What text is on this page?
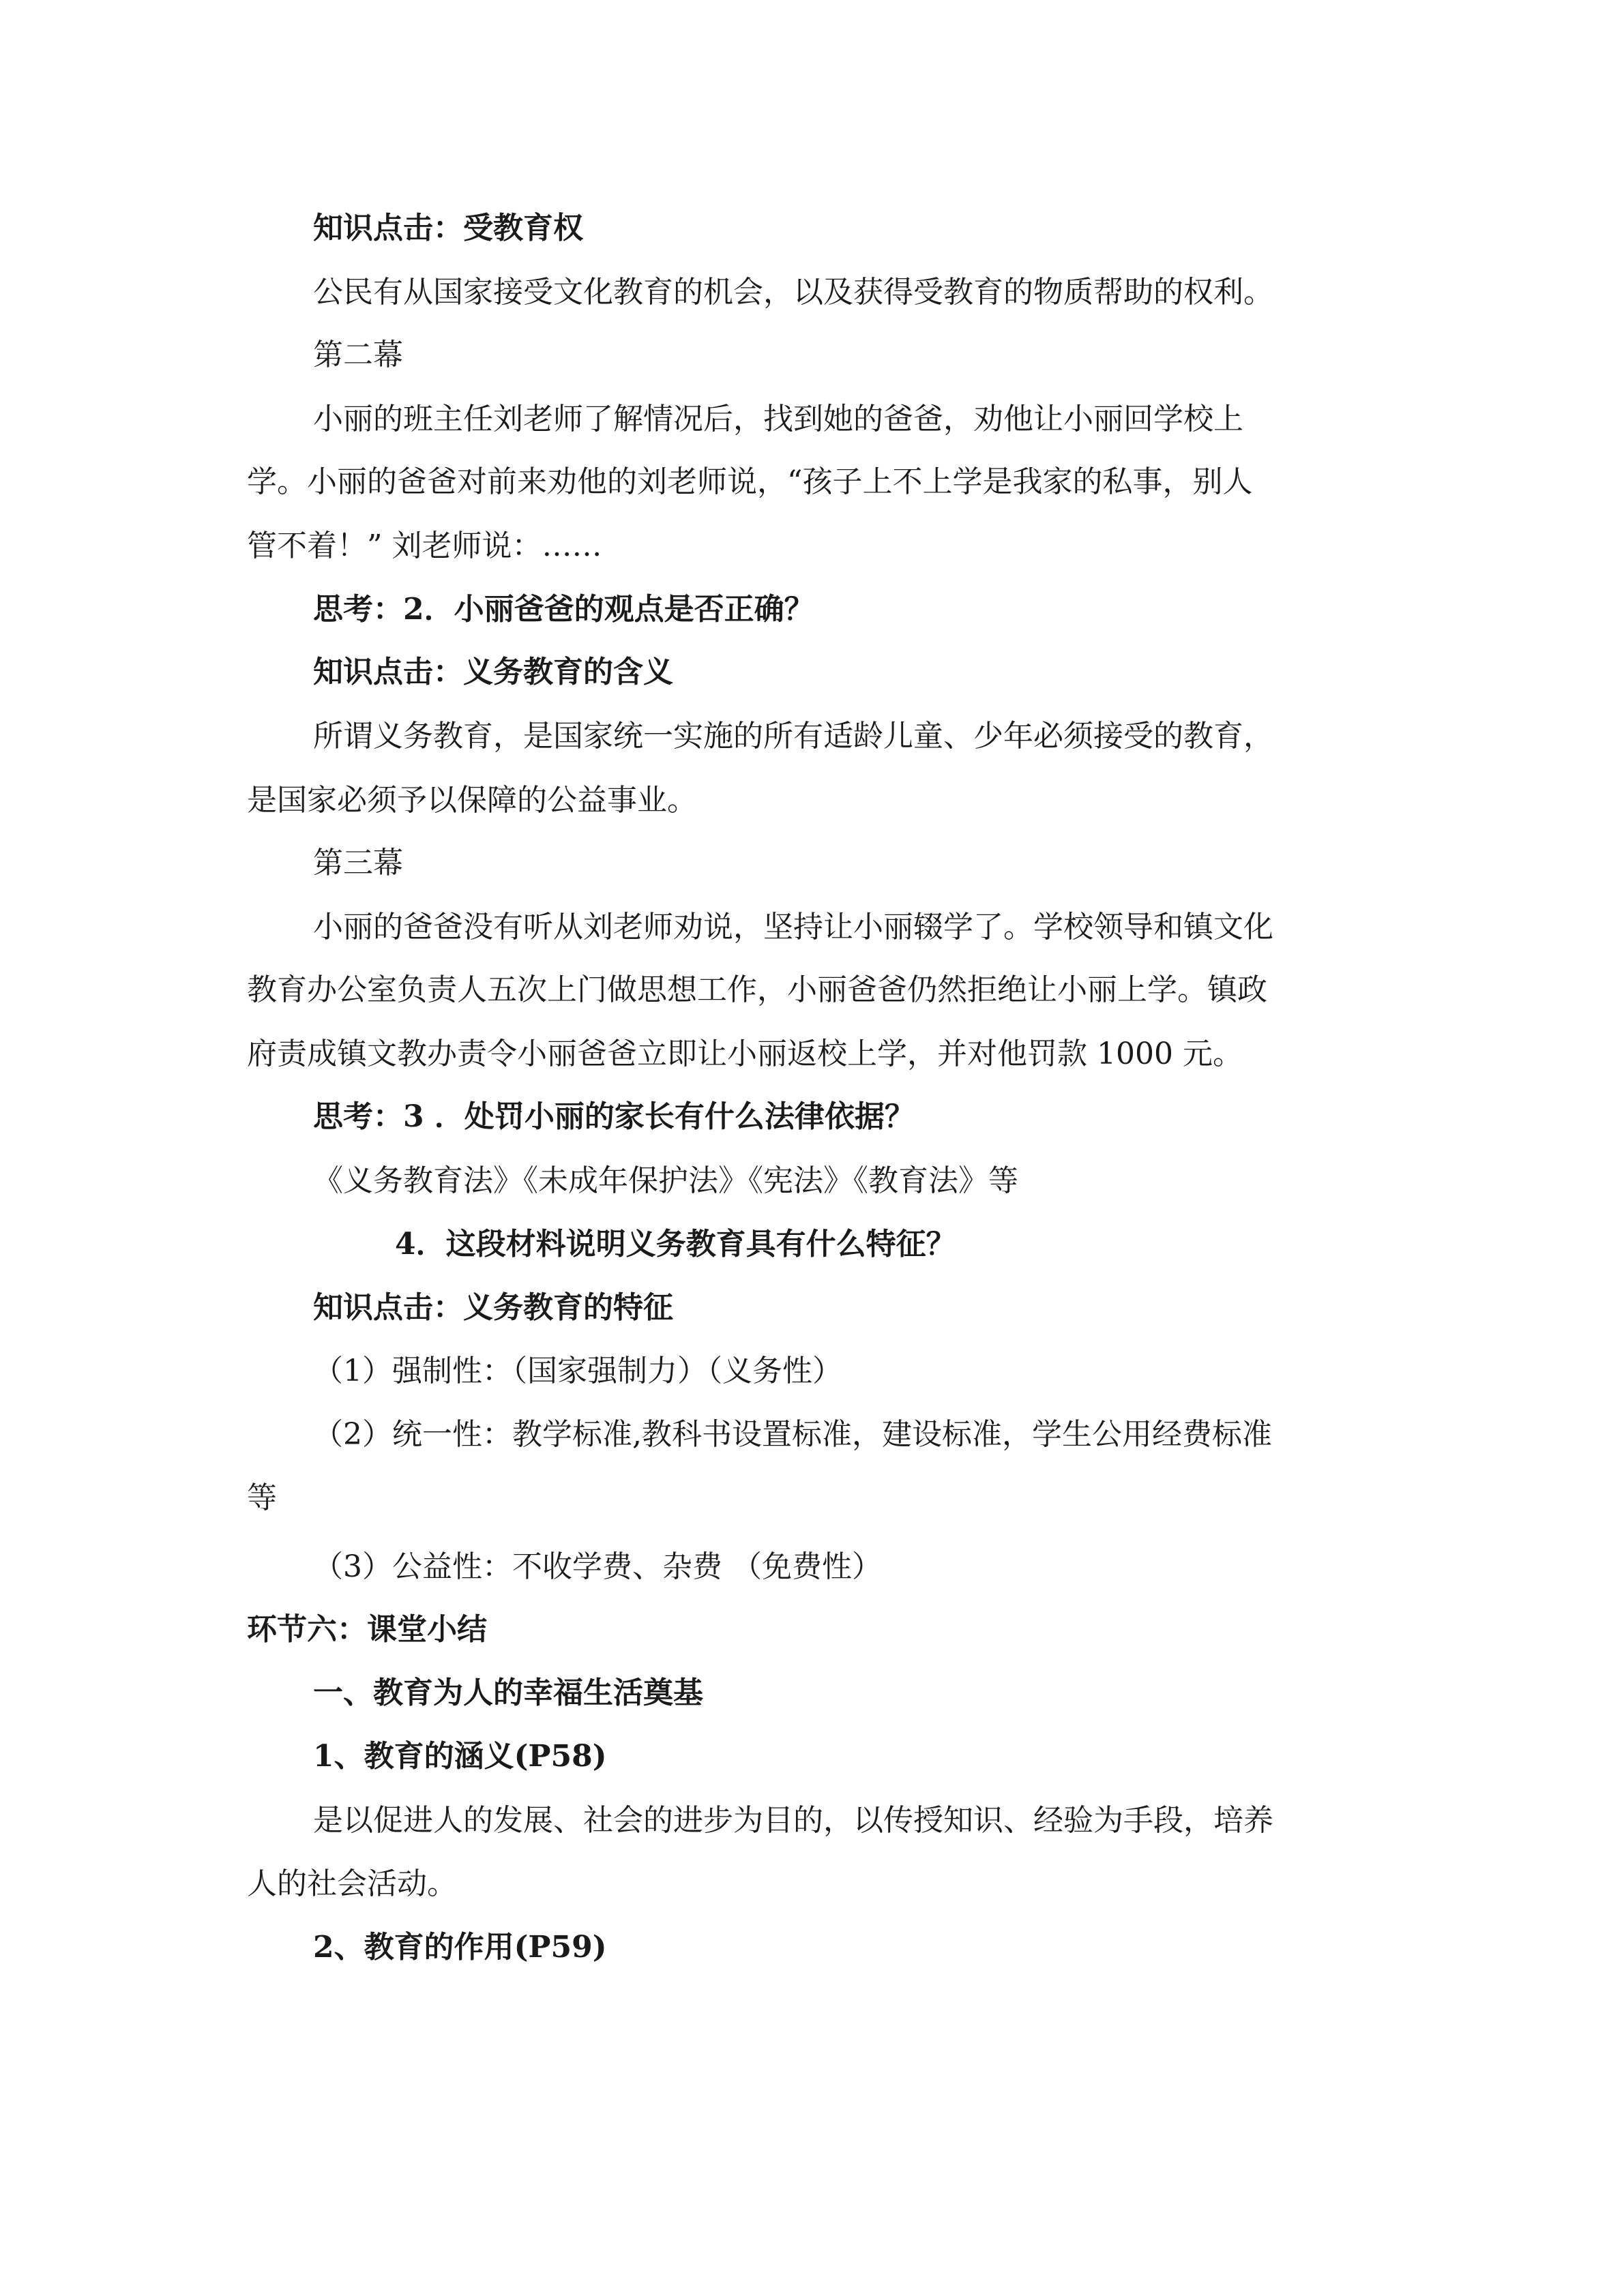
知识点击：受教育权
公民有从国家接受文化教育的机会，以及获得受教育的物质帮助的权利。
第二幕
小丽的班主任刘老师了解情况后，找到她的爸爸，劝他让小丽回学校上
学。小丽的爸爸对前来劝他的刘老师说，“孩子上不上学是我家的私事，别人
管不着！” 刘老师说：……
思考：2．小丽爸爸的观点是否正确？
知识点击：义务教育的含义
所谓义务教育，是国家统一实施的所有适龄儿童、少年必须接受的教育，
是国家必须予以保障的公益事业。
第三幕
小丽的爸爸没有听从刘老师劝说，坚持让小丽辍学了。学校领导和镇文化
教育办公室负责人五次上门做思想工作，小丽爸爸仍然拒绝让小丽上学。镇政
府责成镇文教办责令小丽爸爸立即让小丽返校上学，并对他罚款 1000 元。
思考：3 ．处罚小丽的家长有什么法律依据？
《义务教育法》《未成年保护法》《宪法》《教育法》等
4．这段材料说明义务教育具有什么特征？
知识点击：义务教育的特征
（1）强制性：（国家强制力）（义务性）
（2）统一性：教学标准,教科书设置标准，建设标准，学生公用经费标准
等
（3）公益性：不收学费、杂费 （免费性）
环节六：课堂小结
一、教育为人的幸福生活奠基
1、教育的涵义(P58)
是以促进人的发展、社会的进步为目的，以传授知识、经验为手段，培养
人的社会活动。
2、教育的作用(P59)
